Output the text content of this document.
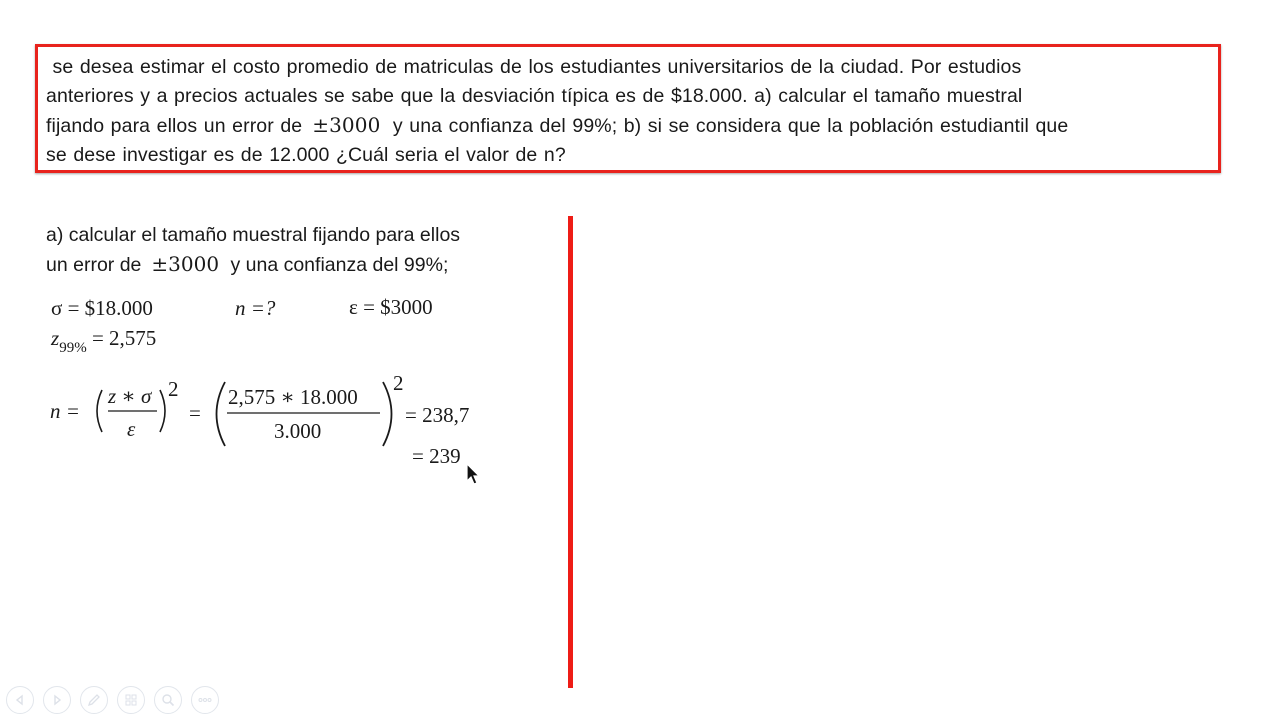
se desea estimar el costo promedio de matriculas de los estudiantes universitarios de la ciudad. Por estudios
anteriores y a precios actuales se sabe que la desviación típica es de $18.000. a) calcular el tamaño muestral
fijando para ellos un error de ±3000 y una confianza del 99%; b) si se considera que la población estudiantil que
se dese investigar es de 12.000 ¿Cuál seria el valor de n?
a) calcular el tamaño muestral fijando para ellos
un error de ±3000 y una confianza del 99%;
σ = $18.000	n =?	ε = $3000
$z_{99\%} = 2,575$
n =
z ∗ σ
ε
2
=
2,575 ∗ 18.000
3.000
2
= 238,7
= 239
